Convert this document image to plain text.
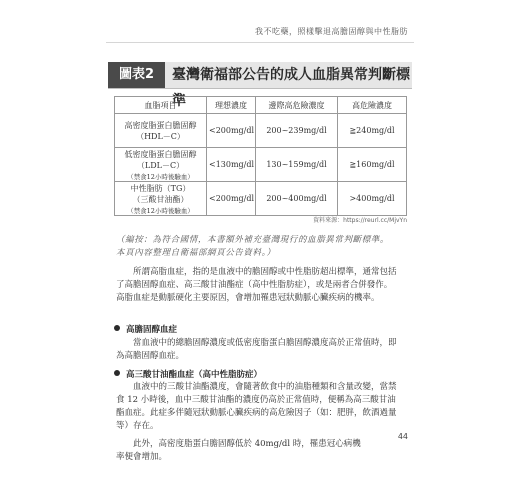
我不吃藥，照樣擊退高膽固醇與中性脂肪
圖表2	臺灣衛福部公告的成人血脂異常判斷標準
血脂項目	理想濃度	邊際高危險濃度	高危險濃度

高密度脂蛋白膽固醇
（HDL－C）	<200mg/dl	200~239mg/dl	≧240mg/dl

低密度脂蛋白膽固醇
（LDL－C）
（禁食12小時後驗血）	<130mg/dl	130~159mg/dl	≧160mg/dl

中性脂肪（TG）
（三酸甘油酯）
（禁食12小時後驗血）	<200mg/dl	200~400mg/dl	>400mg/dl
資料來源：https://reurl.cc/MjvYn
（編按：為符合國情，本書額外補充臺灣現行的血脂異常判斷標準。本頁內容整理自衛福部網頁公告資料。）
所謂高脂血症，指的是血液中的膽固醇或中性脂肪超出標準，通常包括了高膽固醇血症、高三酸甘油酯症（高中性脂肪症），或是兩者合併發作。高脂血症是動脈硬化主要原因，會增加罹患冠狀動脈心臟疾病的機率。
高膽固醇血症
當血液中的總膽固醇濃度或低密度脂蛋白膽固醇濃度高於正常值時，即為高膽固醇血症。
高三酸甘油酯血症（高中性脂肪症）
血液中的三酸甘油酯濃度，會隨著飲食中的油脂種類和含量改變，當禁食 12 小時後，血中三酸甘油酯的濃度仍高於正常值時，便稱為高三酸甘油酯血症。此症多伴隨冠狀動脈心臟疾病的高危險因子（如：肥胖，飲酒過量等）存在。
此外，高密度脂蛋白膽固醇低於 40mg/dl 時，罹患冠心病機率便會增加。
44
